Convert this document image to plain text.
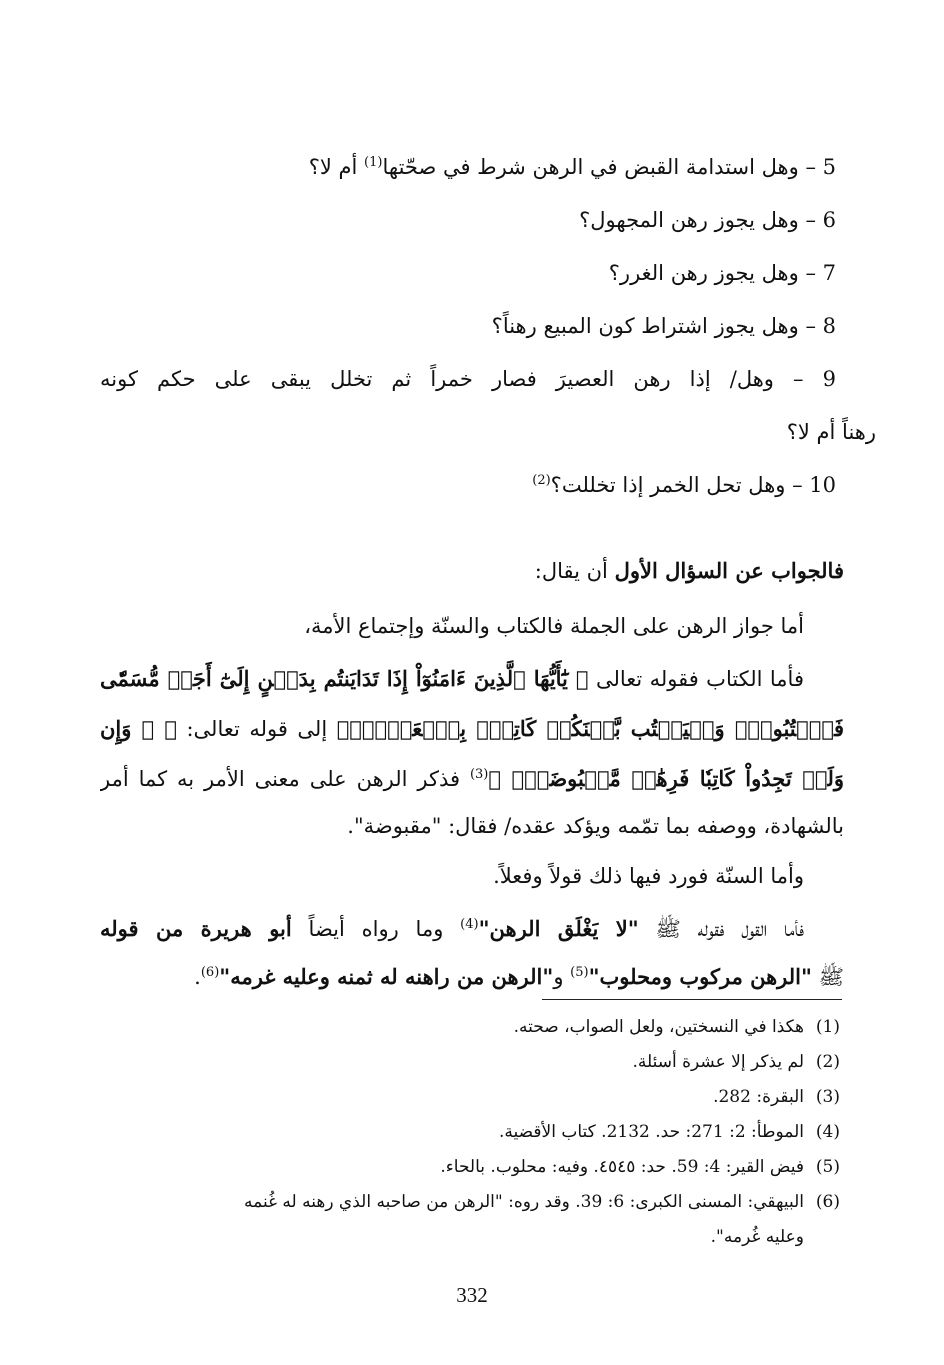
5 – وهل استدامة القبض في الرهن شرط في صحّتها$^{(1)}$ أم لا؟
6 – وهل يجوز رهن المجهول؟
7 – وهل يجوز رهن الغرر؟
8 – وهل يجوز اشتراط كون المبيع رهناً؟
9 – وهل/ إذا رهن العصيرَ فصار خمراً ثم تخلل يبقى على حكم كونه
رهناً أم لا؟
10 – وهل تحل الخمر إذا تخللت؟$^{(2)}$
فالجواب عن السؤال الأول أن يقال:
أما جواز الرهن على الجملة فالكتاب والسنّة وإجتماع الأمة،
فأما الكتاب فقوله تعالى ﴿ يَٰٓأَيُّهَا ٱلَّذِينَ ءَامَنُوٓاْ إِذَا تَدَايَنتُم بِدَيۡنٍ إِلَىٰٓ أَجَلٖ مُّسَمّٗى
فَٱكۡتُبُوهُۚ وَلۡيَكۡتُب بَّيۡنَكُمۡ كَاتِبُۢ بِٱلۡعَدۡلِۚ﴾ إلى قوله تعالى: ﴿ ۞ وَإِن
وَلَمۡ تَجِدُواْ كَاتِبٗا فَرِهَٰنٞ مَّقۡبُوضَةٞۖ ﴾$^{(3)}$ فذكر الرهن على معنى الأمر به كما أمر
بالشهادة، ووصفه بما تمّمه ويؤكد عقده/ فقال: "مقبوضة".
وأما السنّة فورد فيها ذلك قولاً وفعلاً.
فأما القول فقوله ﷺ "لا يَغْلَق الرهن"$^{(4)}$ وما رواه أيضاً أبو هريرة من قوله
ﷺ "الرهن مركوب ومحلوب"$^{(5)}$ و"الرهن من راهنه له ثمنه وعليه غرمه"$^{(6)}$.
(1)
هكذا في النسختين، ولعل الصواب، صحته.
(2)
لم يذكر إلا عشرة أسئلة.
(3)
البقرة: 282.
(4)
الموطأ: 2: 271: حد. 2132. كتاب الأقضية.
(5)
فيض القير: 4: 59. حد: ٤٥٤٥. وفيه: محلوب. بالحاء.
(6)
البيهقي: المسنى الكبرى: 6: 39. وقد روه: "الرهن من صاحبه الذي رهنه له غُنمه
وعليه غُرمه".
332
